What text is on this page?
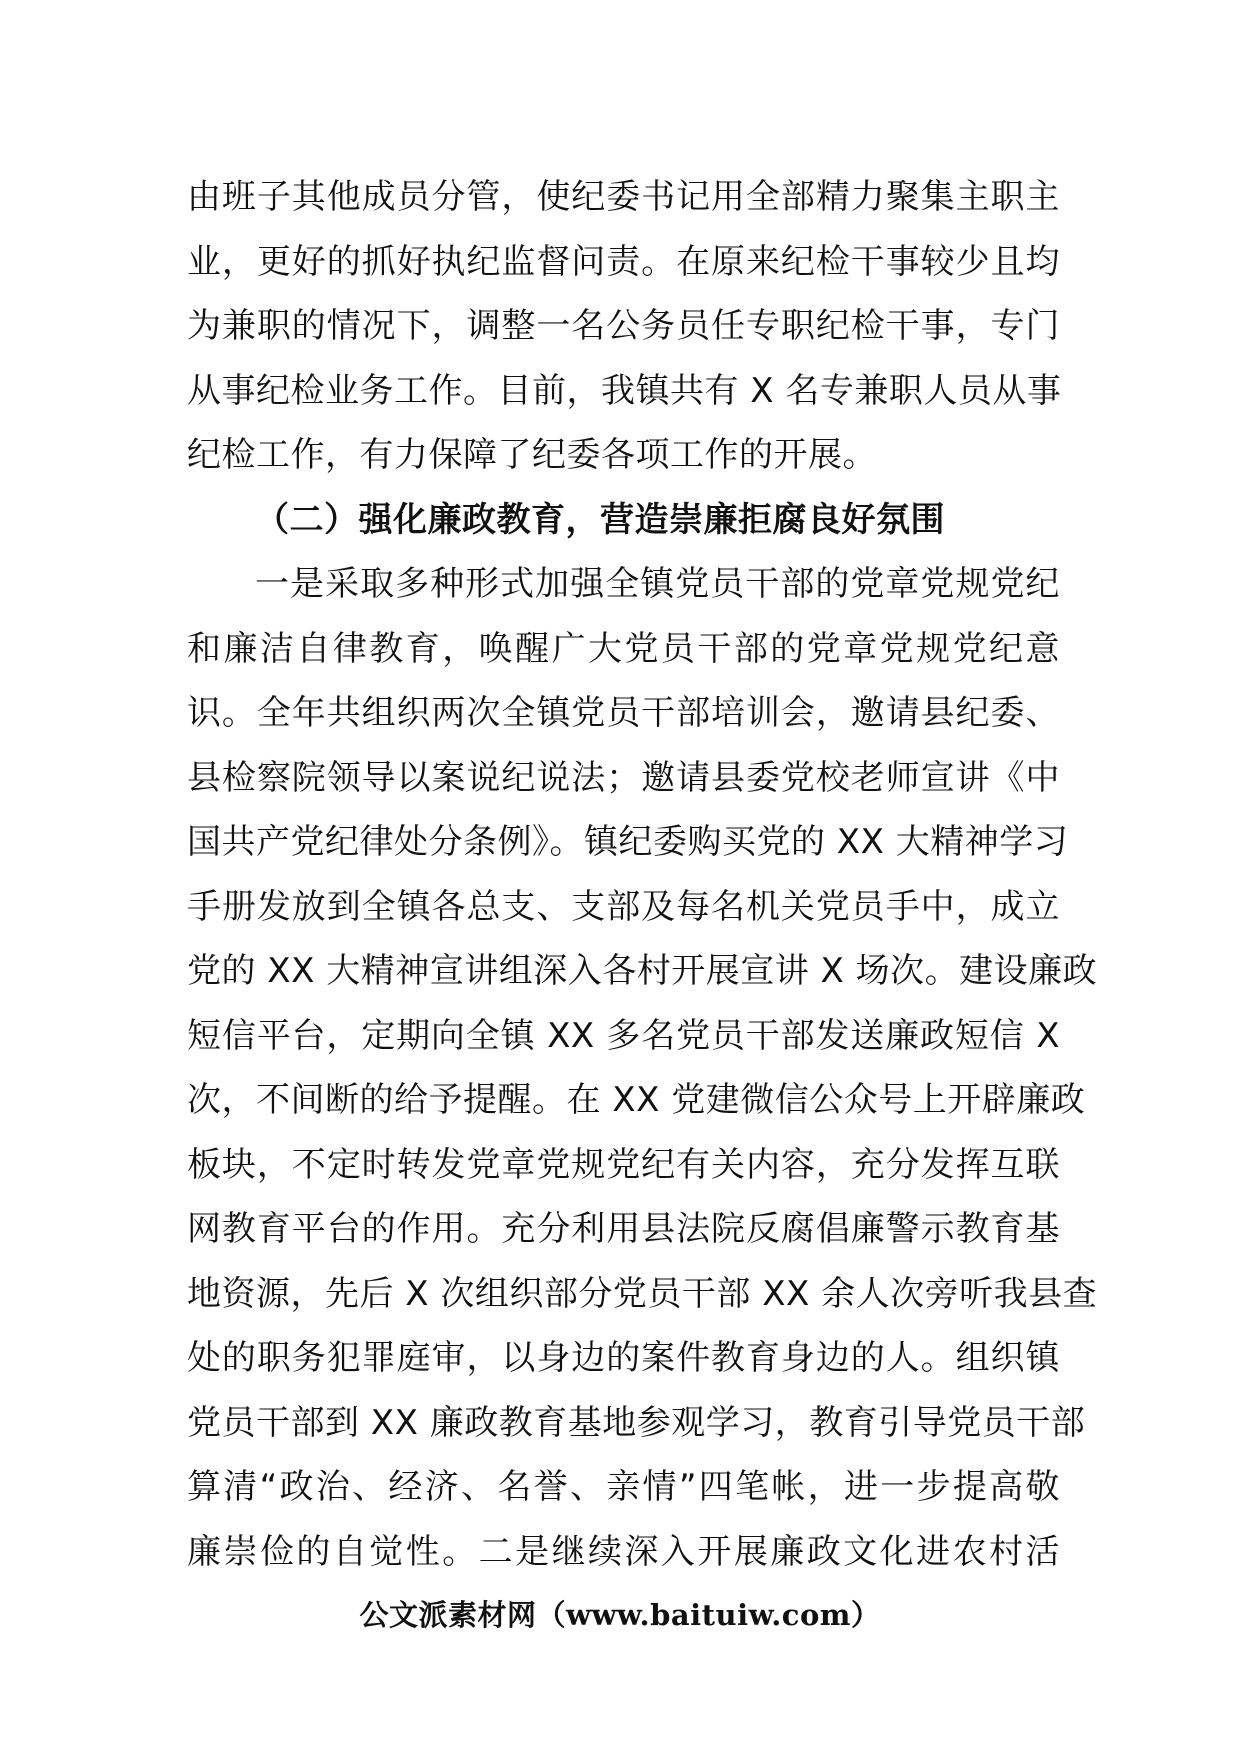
由班子其他成员分管，使纪委书记用全部精力聚集主职主
业，更好的抓好执纪监督问责。在原来纪检干事较少且均
为兼职的情况下，调整一名公务员任专职纪检干事，专门
从事纪检业务工作。目前，我镇共有 X 名专兼职人员从事
纪检工作，有力保障了纪委各项工作的开展。
（二）强化廉政教育，营造崇廉拒腐良好氛围
一是采取多种形式加强全镇党员干部的党章党规党纪
和廉洁自律教育，唤醒广大党员干部的党章党规党纪意
识。全年共组织两次全镇党员干部培训会，邀请县纪委、
县检察院领导以案说纪说法；邀请县委党校老师宣讲《中
国共产党纪律处分条例》。镇纪委购买党的 XX 大精神学习
手册发放到全镇各总支、支部及每名机关党员手中，成立
党的 XX 大精神宣讲组深入各村开展宣讲 X 场次。建设廉政
短信平台，定期向全镇 XX 多名党员干部发送廉政短信 X
次，不间断的给予提醒。在 XX 党建微信公众号上开辟廉政
板块，不定时转发党章党规党纪有关内容，充分发挥互联
网教育平台的作用。充分利用县法院反腐倡廉警示教育基
地资源，先后 X 次组织部分党员干部 XX 余人次旁听我县查
处的职务犯罪庭审，以身边的案件教育身边的人。组织镇
党员干部到 XX 廉政教育基地参观学习，教育引导党员干部
算清“政治、经济、名誉、亲情”四笔帐，进一步提高敬
廉崇俭的自觉性。二是继续深入开展廉政文化进农村活
公文派素材网（www.baituiw.com）
